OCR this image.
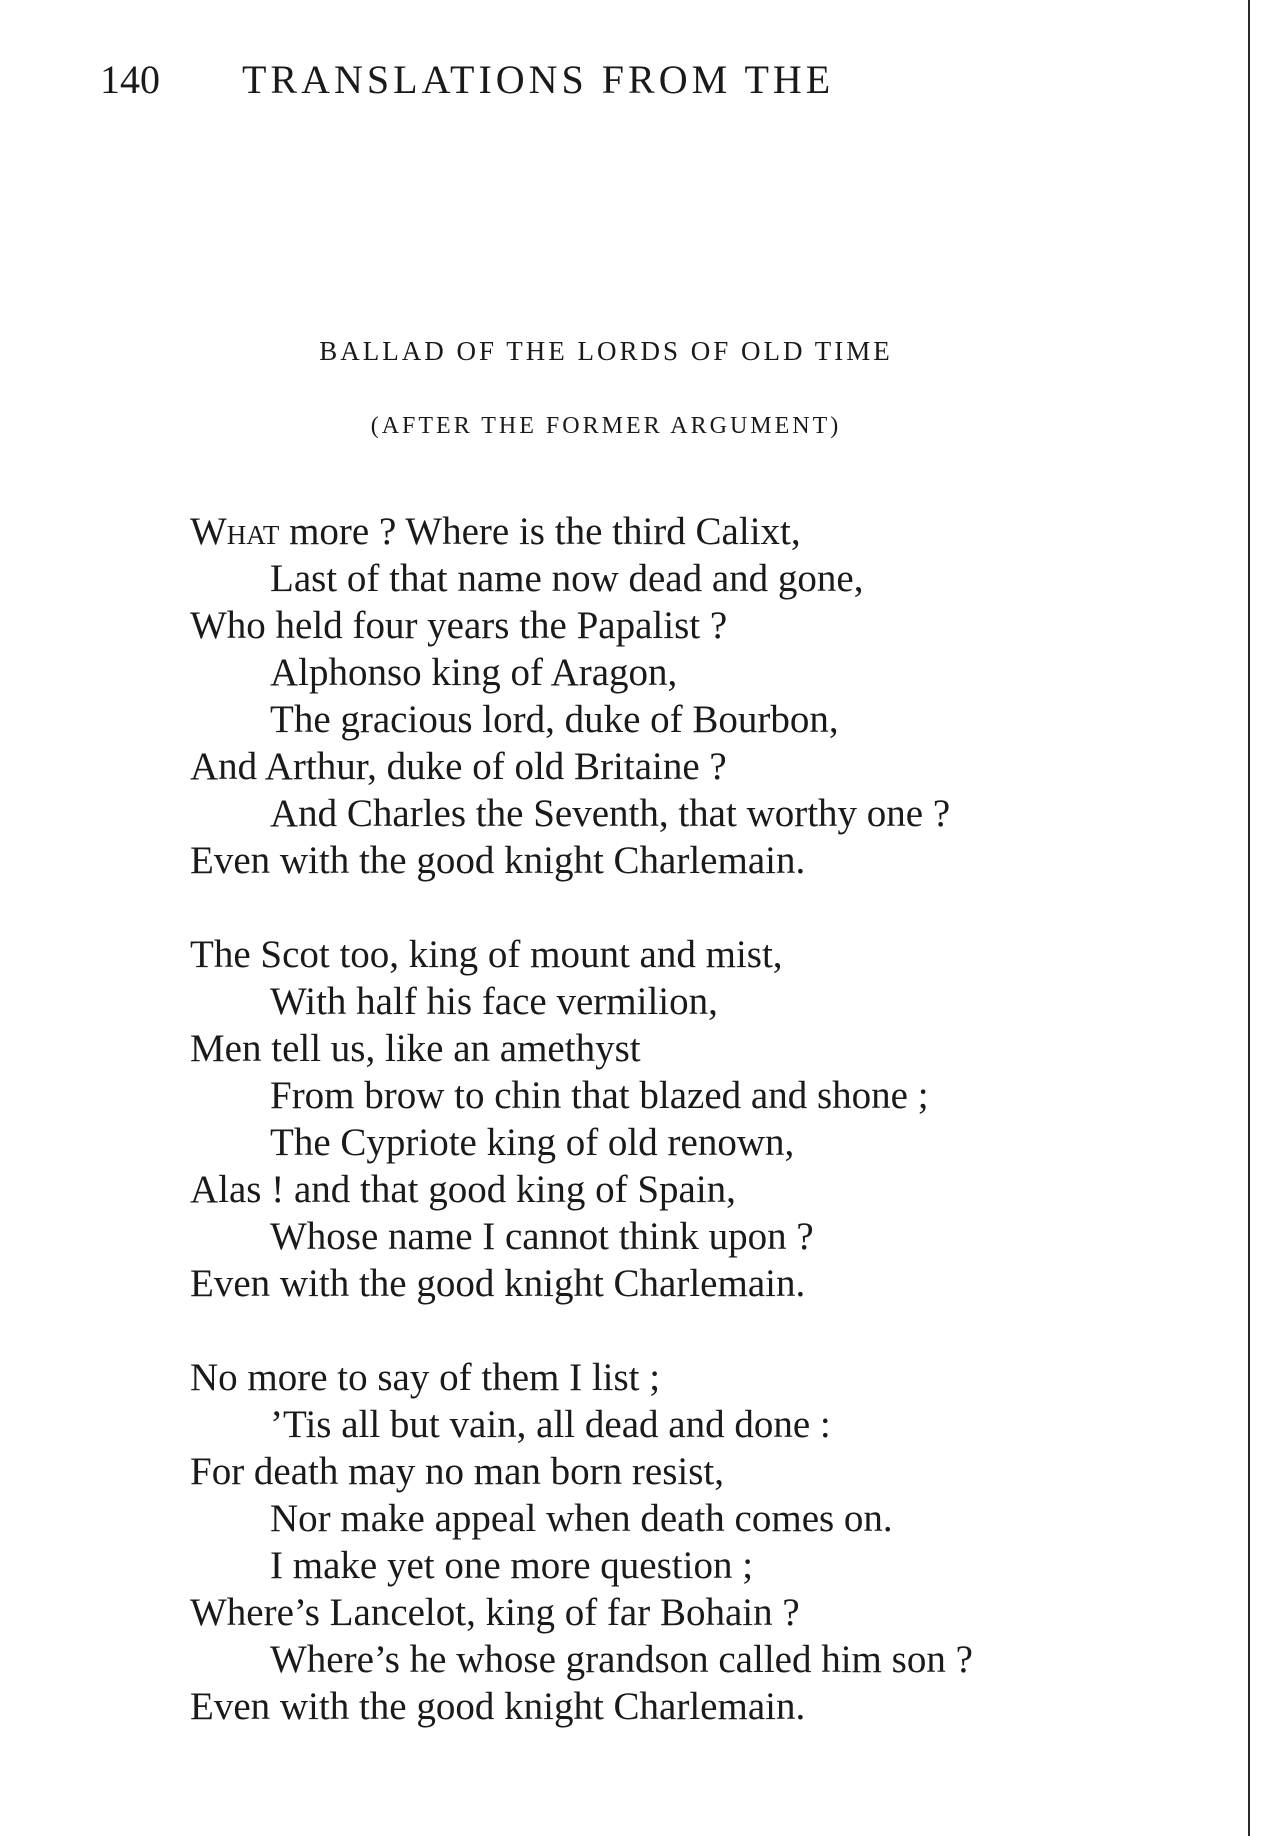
140 TRANSLATIONS FROM THE
BALLAD OF THE LORDS OF OLD TIME
(AFTER THE FORMER ARGUMENT)
What more ? Where is the third Calixt,
Last of that name now dead and gone,
Who held four years the Papalist ?
Alphonso king of Aragon,
The gracious lord, duke of Bourbon,
And Arthur, duke of old Britaine ?
And Charles the Seventh, that worthy one ?
Even with the good knight Charlemain.
The Scot too, king of mount and mist,
With half his face vermilion,
Men tell us, like an amethyst
From brow to chin that blazed and shone ;
The Cypriote king of old renown,
Alas ! and that good king of Spain,
Whose name I cannot think upon ?
Even with the good knight Charlemain.
No more to say of them I list ;
’Tis all but vain, all dead and done :
For death may no man born resist,
Nor make appeal when death comes on.
I make yet one more question ;
Where’s Lancelot, king of far Bohain ?
Where’s he whose grandson called him son ?
Even with the good knight Charlemain.
